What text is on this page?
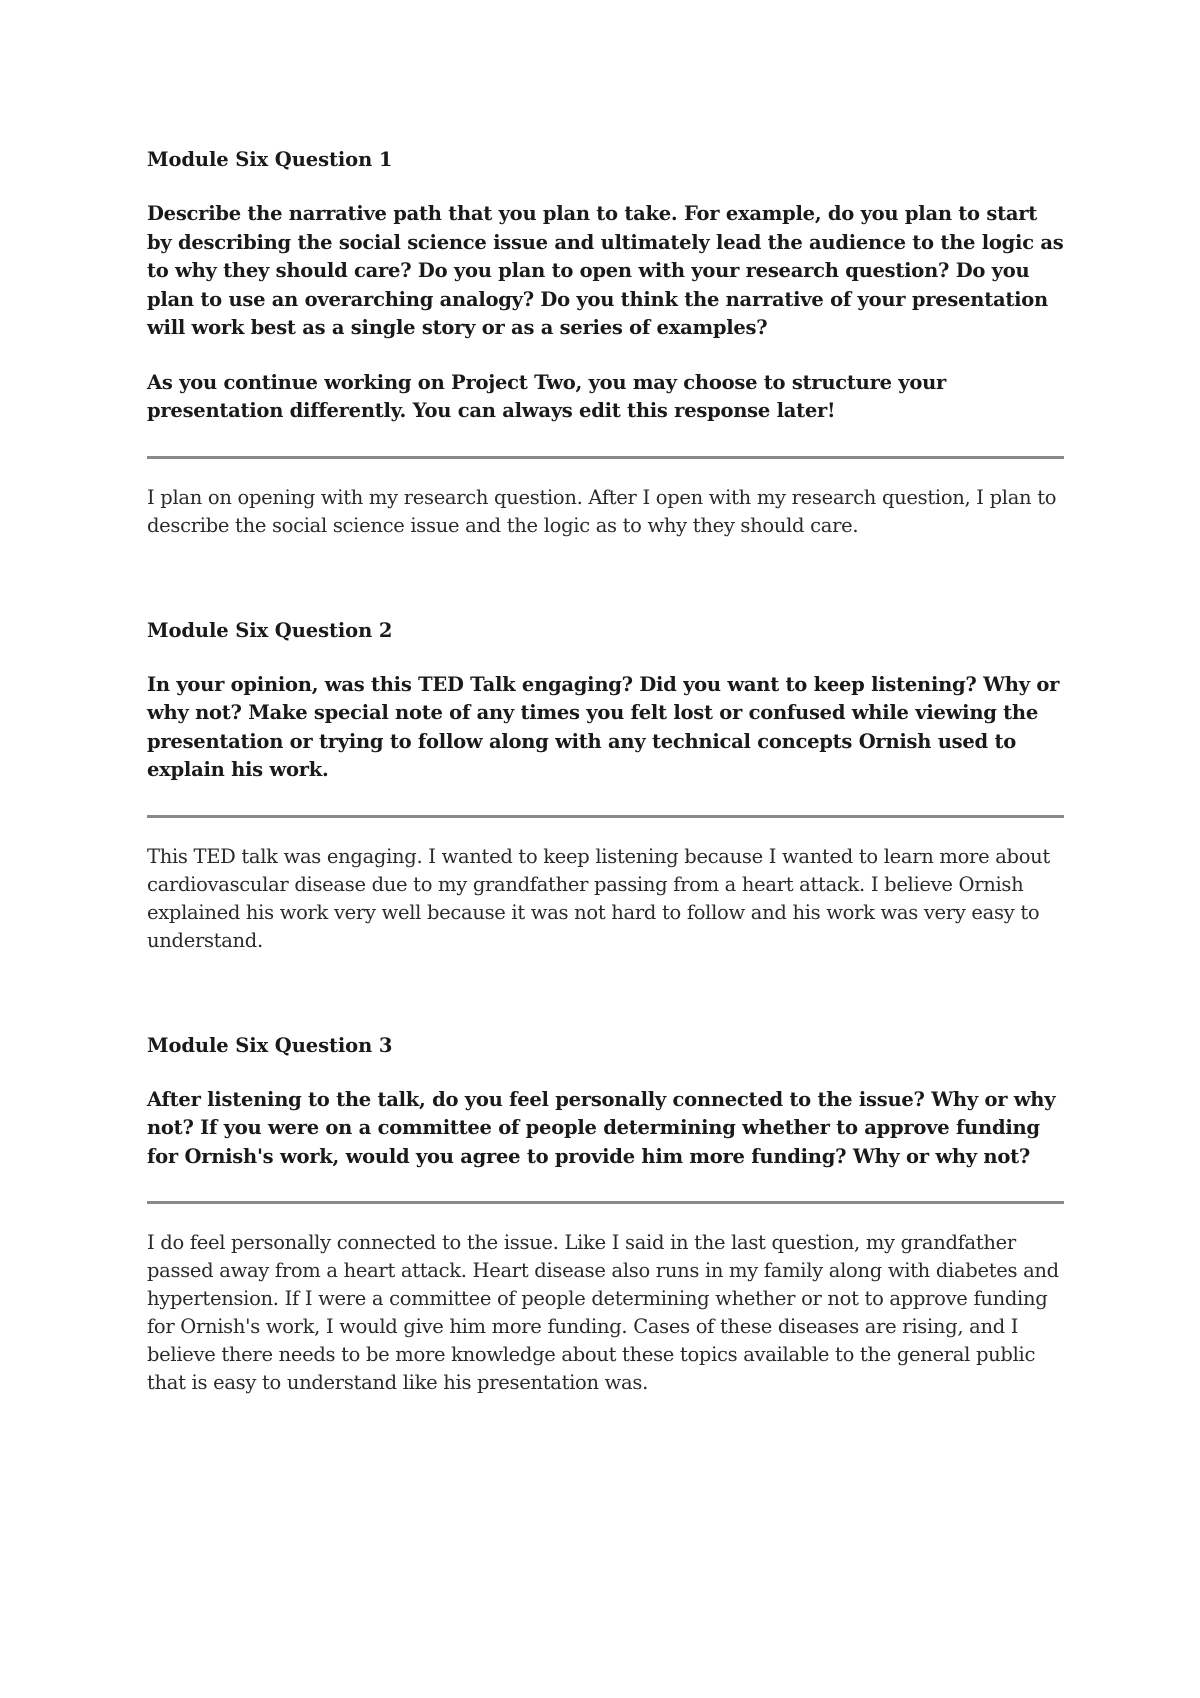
Module Six Question 1

Describe the narrative path that you plan to take. For example, do you plan to start by describing the social science issue and ultimately lead the audience to the logic as to why they should care? Do you plan to open with your research question? Do you plan to use an overarching analogy? Do you think the narrative of your presentation will work best as a single story or as a series of examples?

As you continue working on Project Two, you may choose to structure your presentation differently. You can always edit this response later!

I plan on opening with my research question. After I open with my research question, I plan to describe the social science issue and the logic as to why they should care.

Module Six Question 2

In your opinion, was this TED Talk engaging? Did you want to keep listening? Why or why not? Make special note of any times you felt lost or confused while viewing the presentation or trying to follow along with any technical concepts Ornish used to explain his work.

This TED talk was engaging. I wanted to keep listening because I wanted to learn more about cardiovascular disease due to my grandfather passing from a heart attack. I believe Ornish explained his work very well because it was not hard to follow and his work was very easy to understand.

Module Six Question 3

After listening to the talk, do you feel personally connected to the issue? Why or why not? If you were on a committee of people determining whether to approve funding for Ornish's work, would you agree to provide him more funding? Why or why not?

I do feel personally connected to the issue. Like I said in the last question, my grandfather passed away from a heart attack. Heart disease also runs in my family along with diabetes and hypertension. If I were a committee of people determining whether or not to approve funding for Ornish's work, I would give him more funding. Cases of these diseases are rising, and I believe there needs to be more knowledge about these topics available to the general public that is easy to understand like his presentation was.
